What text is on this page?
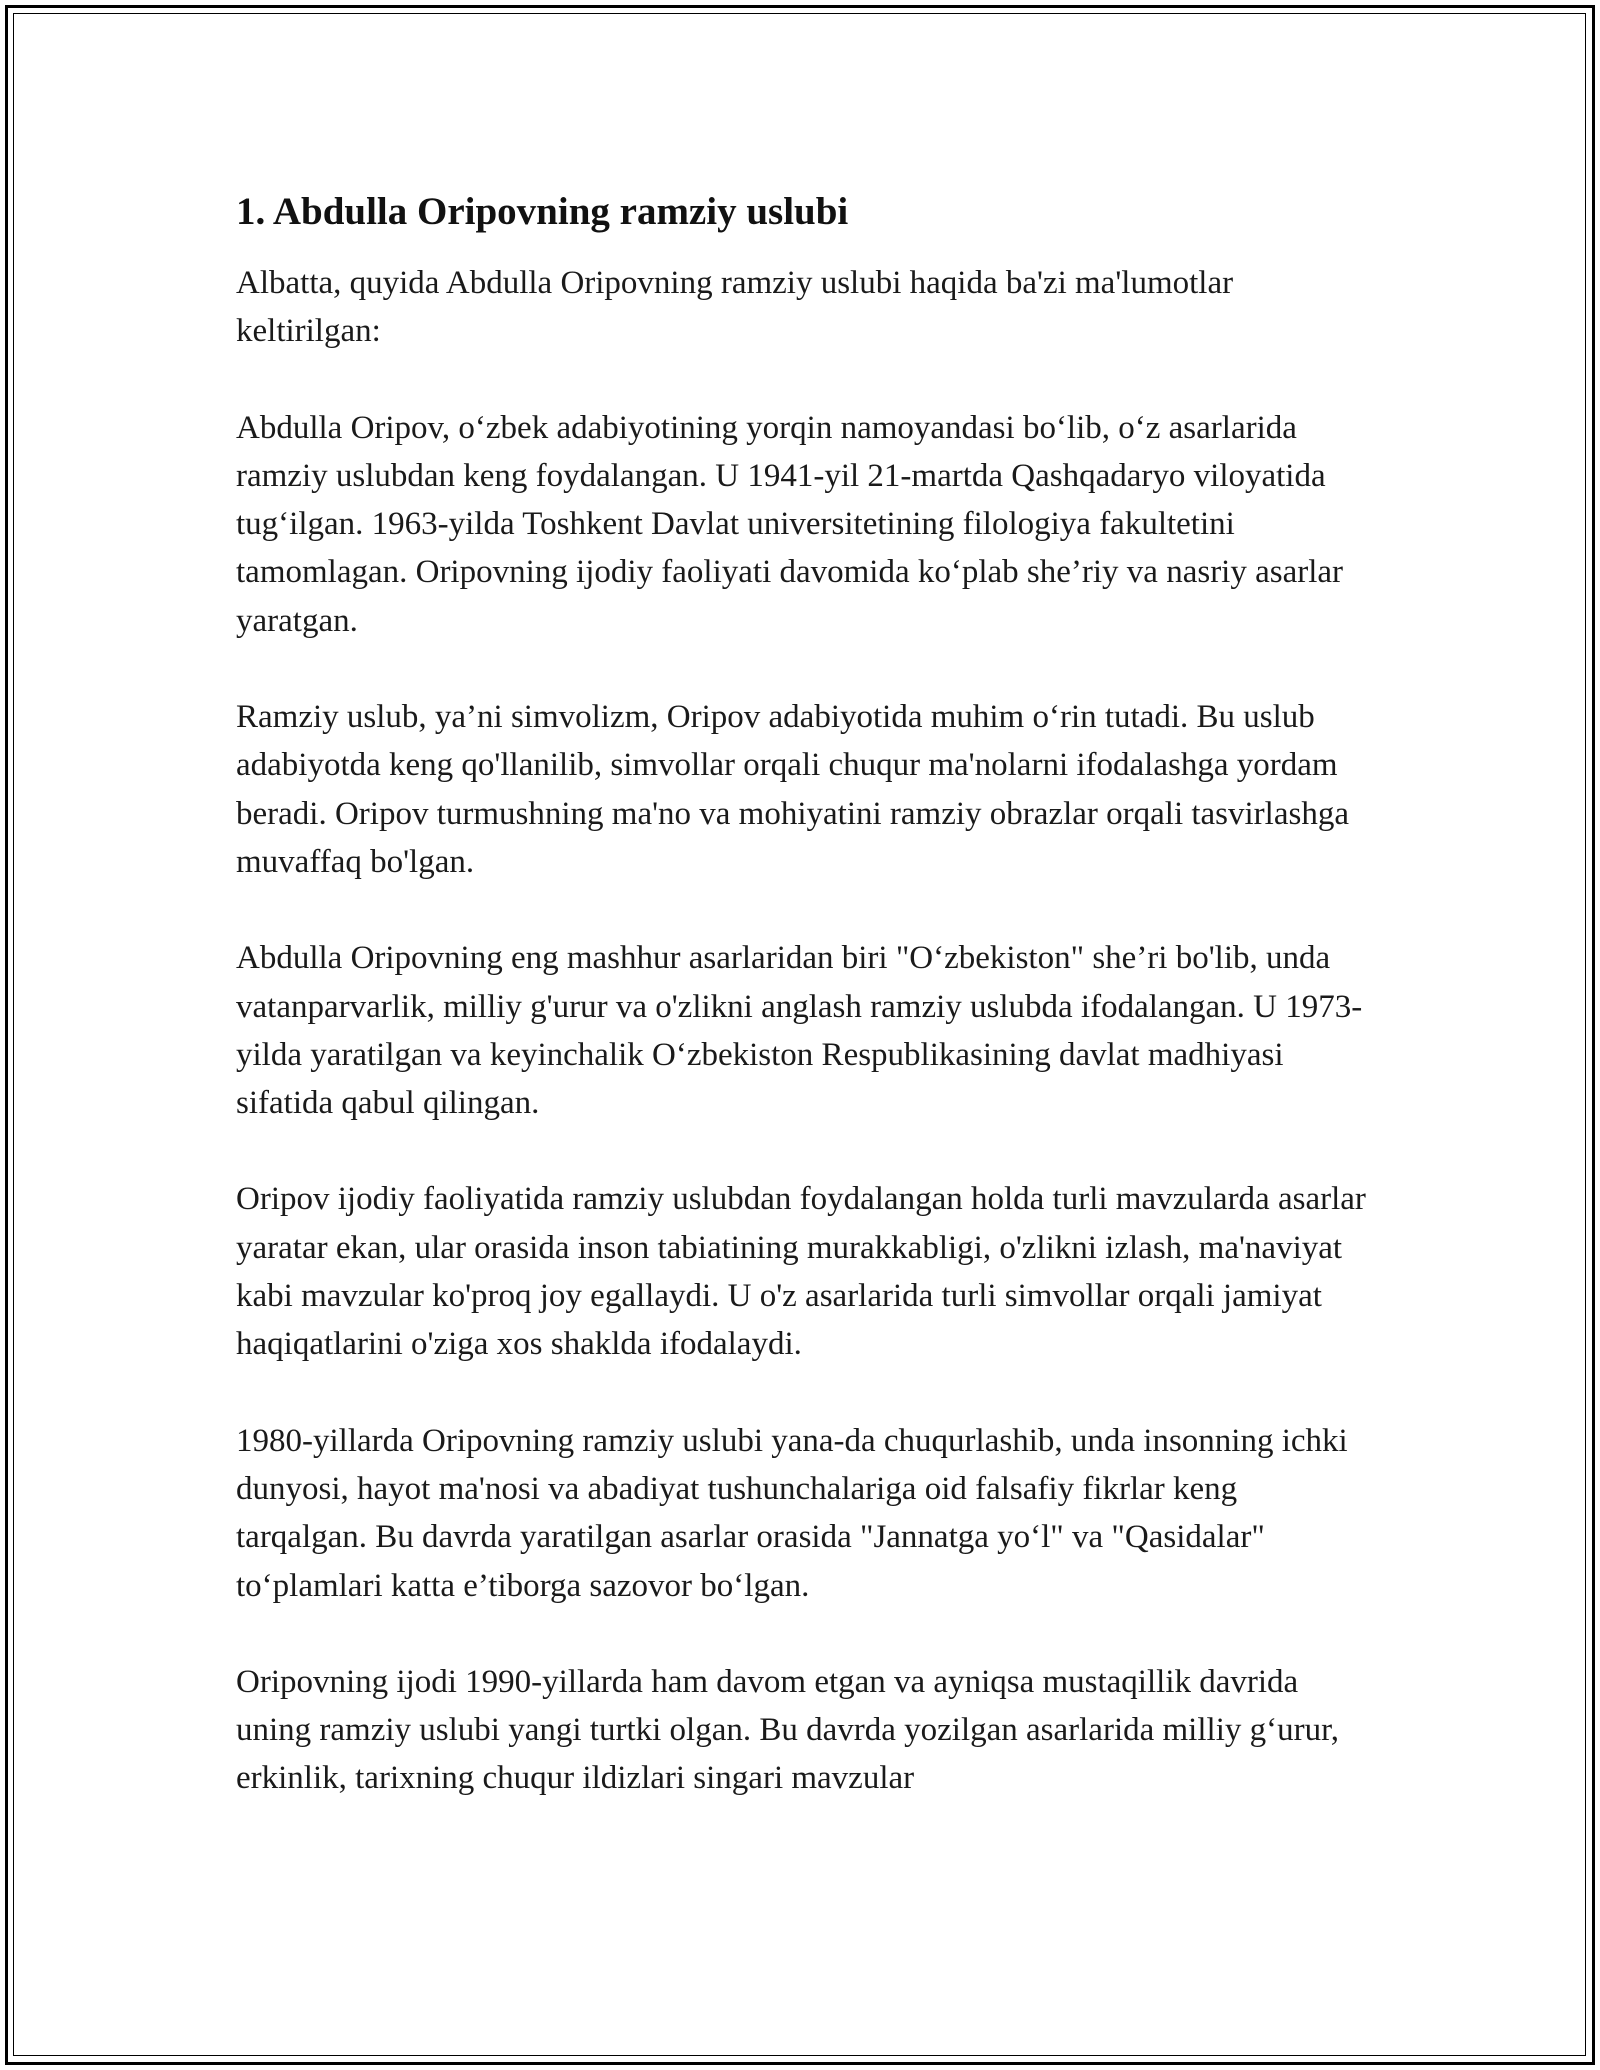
1. Abdulla Oripovning ramziy uslubi

Albatta, quyida Abdulla Oripovning ramziy uslubi haqida ba'zi ma'lumotlar keltirilgan:

Abdulla Oripov, o‘zbek adabiyotining yorqin namoyandasi bo‘lib, o‘z asarlarida ramziy uslubdan keng foydalangan. U 1941-yil 21-martda Qashqadaryo viloyatida tug‘ilgan. 1963-yilda Toshkent Davlat universitetining filologiya fakultetini tamomlagan. Oripovning ijodiy faoliyati davomida ko‘plab she’riy va nasriy asarlar yaratgan.

Ramziy uslub, ya’ni simvolizm, Oripov adabiyotida muhim o‘rin tutadi. Bu uslub adabiyotda keng qo'llanilib, simvollar orqali chuqur ma'nolarni ifodalashga yordam beradi. Oripov turmushning ma'no va mohiyatini ramziy obrazlar orqali tasvirlashga muvaffaq bo'lgan.

Abdulla Oripovning eng mashhur asarlaridan biri "O‘zbekiston" she’ri bo'lib, unda vatanparvarlik, milliy g'urur va o'zlikni anglash ramziy uslubda ifodalangan. U 1973-yilda yaratilgan va keyinchalik O‘zbekiston Respublikasining davlat madhiyasi sifatida qabul qilingan.

Oripov ijodiy faoliyatida ramziy uslubdan foydalangan holda turli mavzularda asarlar yaratar ekan, ular orasida inson tabiatining murakkabligi, o'zlikni izlash, ma'naviyat kabi mavzular ko'proq joy egallaydi. U o'z asarlarida turli simvollar orqali jamiyat haqiqatlarini o'ziga xos shaklda ifodalaydi.

1980-yillarda Oripovning ramziy uslubi yana-da chuqurlashib, unda insonning ichki dunyosi, hayot ma'nosi va abadiyat tushunchalariga oid falsafiy fikrlar keng tarqalgan. Bu davrda yaratilgan asarlar orasida "Jannatga yo‘l" va "Qasidalar" to‘plamlari katta e’tiborga sazovor bo‘lgan.

Oripovning ijodi 1990-yillarda ham davom etgan va ayniqsa mustaqillik davrida uning ramziy uslubi yangi turtki olgan. Bu davrda yozilgan asarlarida milliy g‘urur, erkinlik, tarixning chuqur ildizlari singari mavzular
